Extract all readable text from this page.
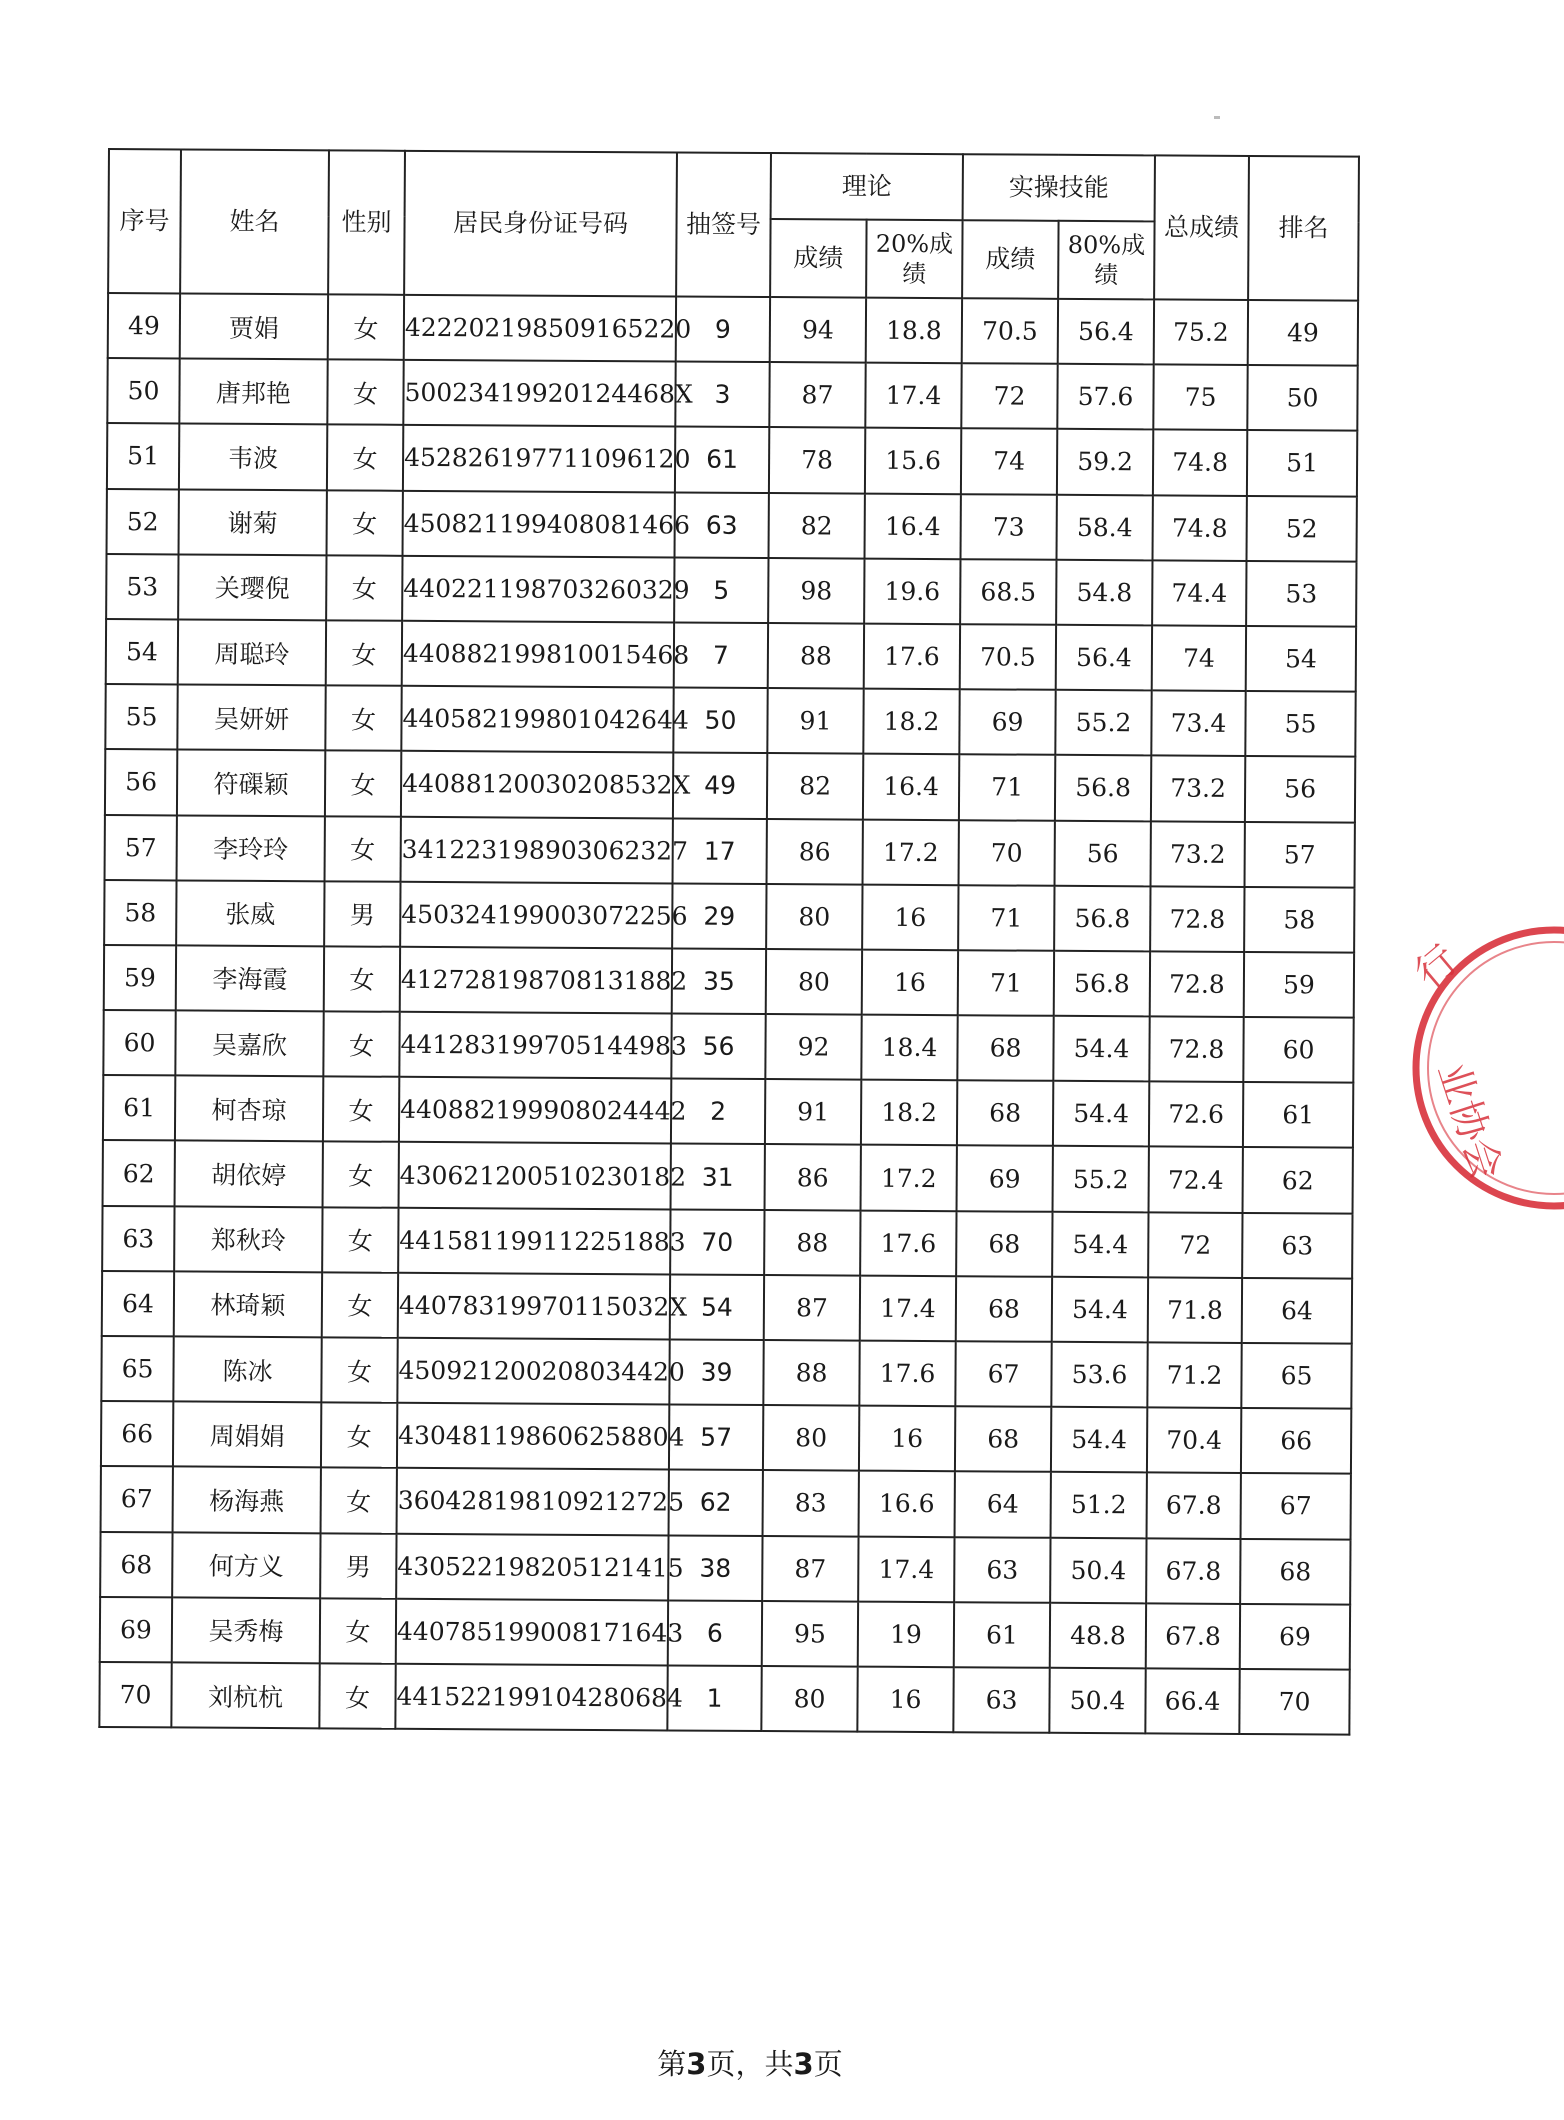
序号	姓名	性别	居民身份证号码	抽签号	理论		实操技能		总成绩	排名
					成绩	20%成绩	成绩	80%成绩		
49	贾娟	女	422202198509165220	9	94	18.8	70.5	56.4	75.2	49
50	唐邦艳	女	50023419920124468X	3	87	17.4	72	57.6	75	50
51	韦波	女	452826197711096120	61	78	15.6	74	59.2	74.8	51
52	谢菊	女	450821199408081466	63	82	16.4	73	58.4	74.8	52
53	关璎倪	女	440221198703260329	5	98	19.6	68.5	54.8	74.4	53
54	周聪玲	女	440882199810015468	7	88	17.6	70.5	56.4	74	54
55	吴妍妍	女	440582199801042644	50	91	18.2	69	55.2	73.4	55
56	符磲颖	女	44088120030208532X	49	82	16.4	71	56.8	73.2	56
57	李玲玲	女	341223198903062327	17	86	17.2	70	56	73.2	57
58	张威	男	450324199003072256	29	80	16	71	56.8	72.8	58
59	李海霞	女	412728198708131882	35	80	16	71	56.8	72.8	59
60	吴嘉欣	女	441283199705144983	56	92	18.4	68	54.4	72.8	60
61	柯杏琼	女	440882199908024442	2	91	18.2	68	54.4	72.6	61
62	胡依婷	女	430621200510230182	31	86	17.2	69	55.2	72.4	62
63	郑秋玲	女	441581199112251883	70	88	17.6	68	54.4	72	63
64	林琦颖	女	44078319970115032X	54	87	17.4	68	54.4	71.8	64
65	陈冰	女	450921200208034420	39	88	17.6	67	53.6	71.2	65
66	周娟娟	女	430481198606258804	57	80	16	68	54.4	70.4	66
67	杨海燕	女	360428198109212725	62	83	16.6	64	51.2	67.8	67
68	何方义	男	430522198205121415	38	87	17.4	63	50.4	67.8	68
69	吴秀梅	女	440785199008171643	6	95	19	61	48.8	67.8	69
70	刘杭杭	女	441522199104280684	1	80	16	63	50.4	66.4	70
行
业协会
第3页，共3页
